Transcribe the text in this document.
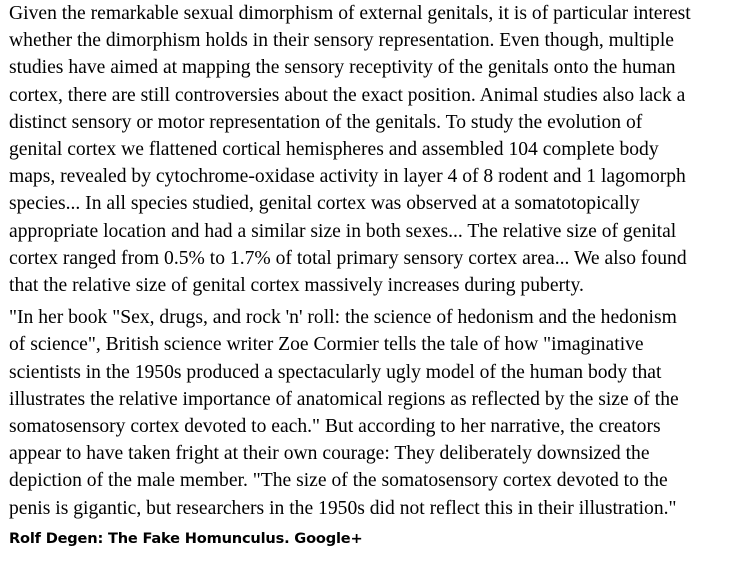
Given the remarkable sexual dimorphism of external genitals, it is of particular interest
whether the dimorphism holds in their sensory representation. Even though, multiple
studies have aimed at mapping the sensory receptivity of the genitals onto the human
cortex, there are still controversies about the exact position. Animal studies also lack a
distinct sensory or motor representation of the genitals. To study the evolution of
genital cortex we flattened cortical hemispheres and assembled 104 complete body
maps, revealed by cytochrome-oxidase activity in layer 4 of 8 rodent and 1 lagomorph
species... In all species studied, genital cortex was observed at a somatotopically
appropriate location and had a similar size in both sexes... The relative size of genital
cortex ranged from 0.5% to 1.7% of total primary sensory cortex area... We also found
that the relative size of genital cortex massively increases during puberty.
"In her book "Sex, drugs, and rock 'n' roll: the science of hedonism and the hedonism
of science", British science writer Zoe Cormier tells the tale of how "imaginative
scientists in the 1950s produced a spectacularly ugly model of the human body that
illustrates the relative importance of anatomical regions as reflected by the size of the
somatosensory cortex devoted to each." But according to her narrative, the creators
appear to have taken fright at their own courage: They deliberately downsized the
depiction of the male member. "The size of the somatosensory cortex devoted to the
penis is gigantic, but researchers in the 1950s did not reflect this in their illustration."
Rolf Degen: The Fake Homunculus. Google+
